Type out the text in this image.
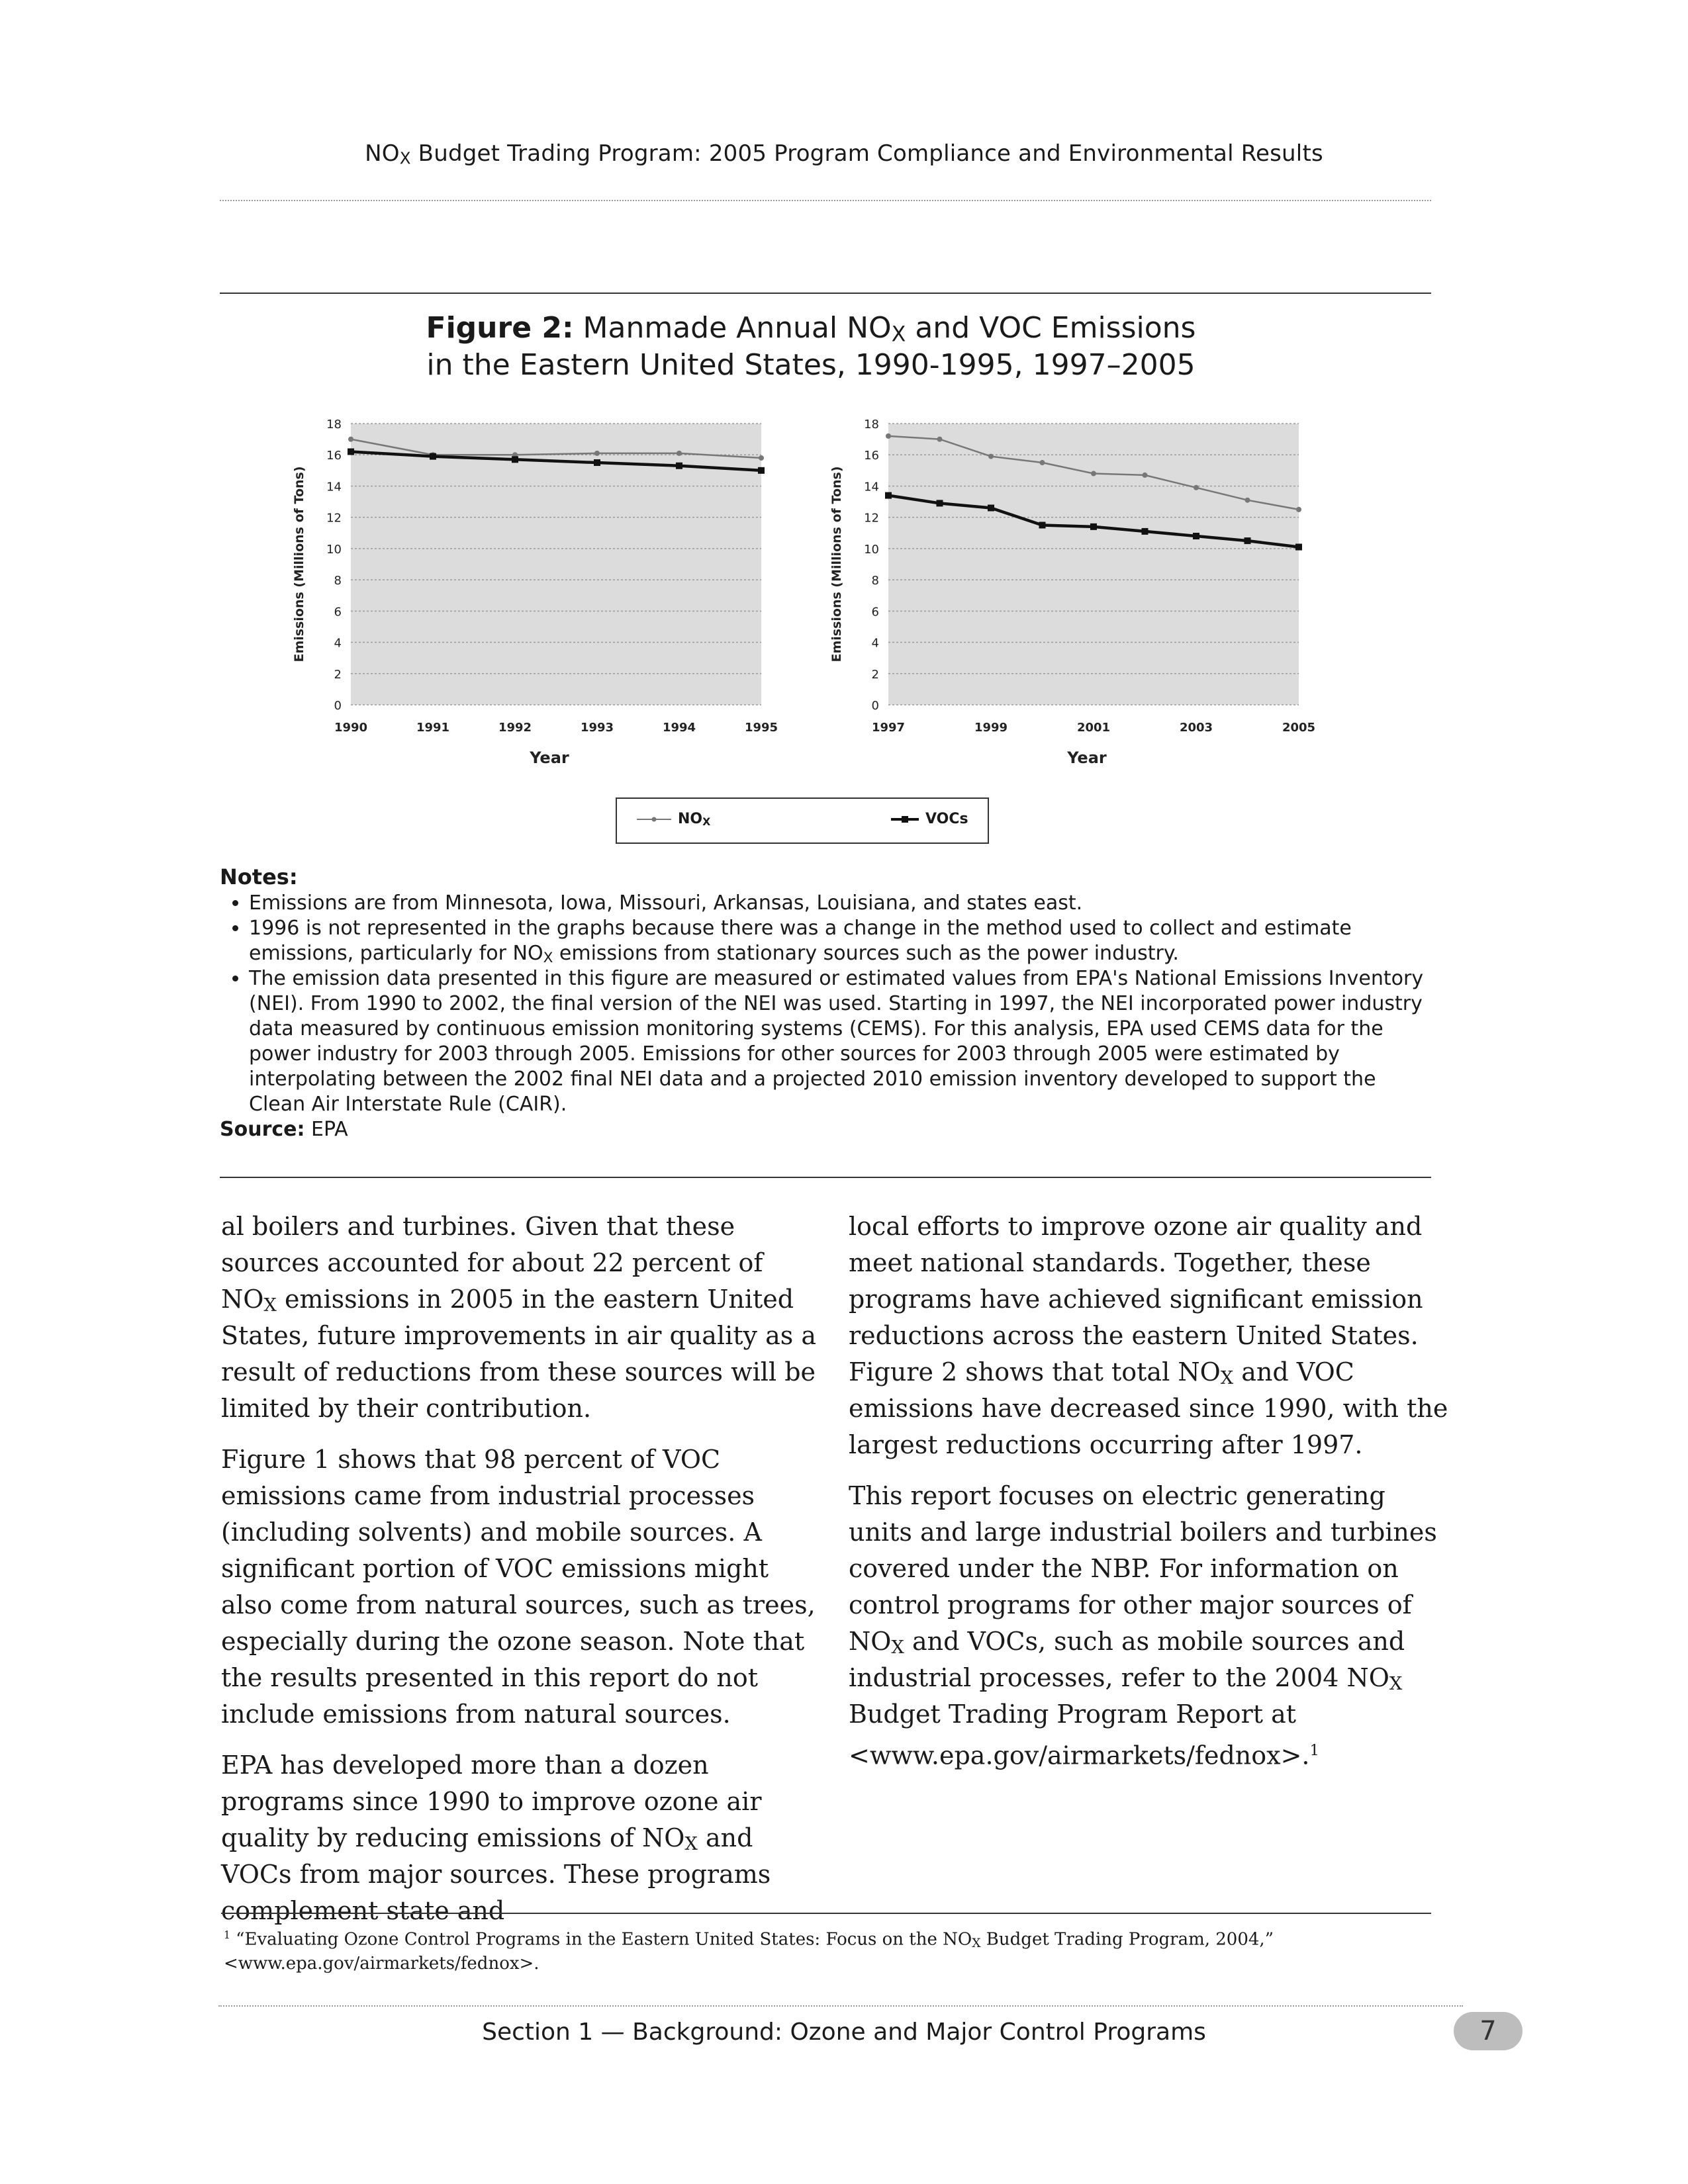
$NO_X$ Budget Trading Program: 2005 Program Compliance and Environmental Results
Figure 2: Manmade Annual $NO_X$ and VOC Emissions
in the Eastern United States, 1990-1995, 1997–2005
0
2
4
6
8
10
12
14
16
18
1990	1991	1992	1993	1994	1995
Year
Emissions (Millions of Tons)
0
2
4
6
8
10
12
14
16
18
1997	1999	2001	2003	2005
Year
Emissions (Millions of Tons)
$NO_X$	VOCs
Notes:
• Emissions are from Minnesota, Iowa, Missouri, Arkansas, Louisiana, and states east.
• 1996 is not represented in the graphs because there was a change in the method used to collect and estimate emissions, particularly for $NO_X$ emissions from stationary sources such as the power industry.
• The emission data presented in this figure are measured or estimated values from EPA's National Emissions Inventory (NEI). From 1990 to 2002, the final version of the NEI was used. Starting in 1997, the NEI incorporated power industry data measured by continuous emission monitoring systems (CEMS). For this analysis, EPA used CEMS data for the power industry for 2003 through 2005. Emissions for other sources for 2003 through 2005 were estimated by interpolating between the 2002 final NEI data and a projected 2010 emission inventory developed to support the Clean Air Interstate Rule (CAIR).
Source: EPA

al boilers and turbines. Given that these sources accounted for about 22 percent of $NO_X$ emissions in 2005 in the eastern United States, future improvements in air quality as a result of reductions from these sources will be limited by their contribution.

Figure 1 shows that 98 percent of VOC emissions came from industrial processes (including solvents) and mobile sources. A significant portion of VOC emissions might also come from natural sources, such as trees, especially during the ozone season. Note that the results presented in this report do not include emissions from natural sources.

EPA has developed more than a dozen programs since 1990 to improve ozone air quality by reducing emissions of $NO_X$ and VOCs from major sources. These programs complement state and

local efforts to improve ozone air quality and meet national standards. Together, these programs have achieved significant emission reductions across the eastern United States. Figure 2 shows that total $NO_X$ and VOC emissions have decreased since 1990, with the largest reductions occurring after 1997.

This report focuses on electric generating units and large industrial boilers and turbines covered under the NBP. For information on control programs for other major sources of $NO_X$ and VOCs, such as mobile sources and industrial processes, refer to the 2004 $NO_X$ Budget Trading Program Report at <www.epa.gov/airmarkets/fednox>.$^1$

$^1$ “Evaluating Ozone Control Programs in the Eastern United States: Focus on the $NO_X$ Budget Trading Program, 2004,”
<www.epa.gov/airmarkets/fednox>.
Section 1 — Background: Ozone and Major Control Programs	7
